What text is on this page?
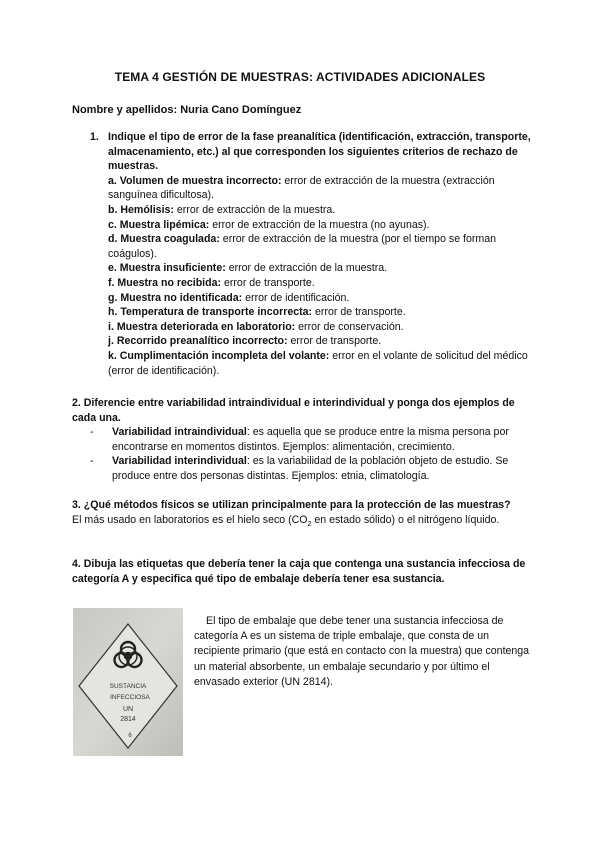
TEMA 4 GESTIÓN DE MUESTRAS: ACTIVIDADES ADICIONALES
Nombre y apellidos: Nuria Cano Domínguez
1. Indique el tipo de error de la fase preanalítica (identificación, extracción, transporte, almacenamiento, etc.) al que corresponden los siguientes criterios de rechazo de muestras.
a. Volumen de muestra incorrecto: error de extracción de la muestra (extracción sanguínea dificultosa).
b. Hemólisis: error de extracción de la muestra.
c. Muestra lipémica: error de extracción de la muestra (no ayunas).
d. Muestra coagulada: error de extracción de la muestra (por el tiempo se forman coágulos).
e. Muestra insuficiente: error de extracción de la muestra.
f. Muestra no recibida: error de transporte.
g. Muestra no identificada: error de identificación.
h. Temperatura de transporte incorrecta: error de transporte.
i. Muestra deteriorada en laboratorio: error de conservación.
j. Recorrido preanalítico incorrecto: error de transporte.
k. Cumplimentación incompleta del volante: error en el volante de solicitud del médico (error de identificación).
2. Diferencie entre variabilidad intraindividual e interindividual y ponga dos ejemplos de cada una.
- Variabilidad intraindividual: es aquella que se produce entre la misma persona por encontrarse en momentos distintos. Ejemplos: alimentación, crecimiento.
- Variabilidad interindividual: es la variabilidad de la población objeto de estudio. Se produce entre dos personas distintas. Ejemplos: etnia, climatología.
3. ¿Qué métodos físicos se utilizan principalmente para la protección de las muestras?
El más usado en laboratorios es el hielo seco ($CO_2$ en estado sólido) o el nitrógeno líquido.
4. Dibuja las etiquetas que debería tener la caja que contenga una sustancia infecciosa de categoría A y especifica qué tipo de embalaje debería tener esa sustancia.
SUSTANCIA
INFECCIOSA
UN
2814
6
El tipo de embalaje que debe tener una sustancia infecciosa de categoría A es un sistema de triple embalaje, que consta de un recipiente primario (que está en contacto con la muestra) que contenga un material absorbente, un embalaje secundario y por último el envasado exterior (UN 2814).
